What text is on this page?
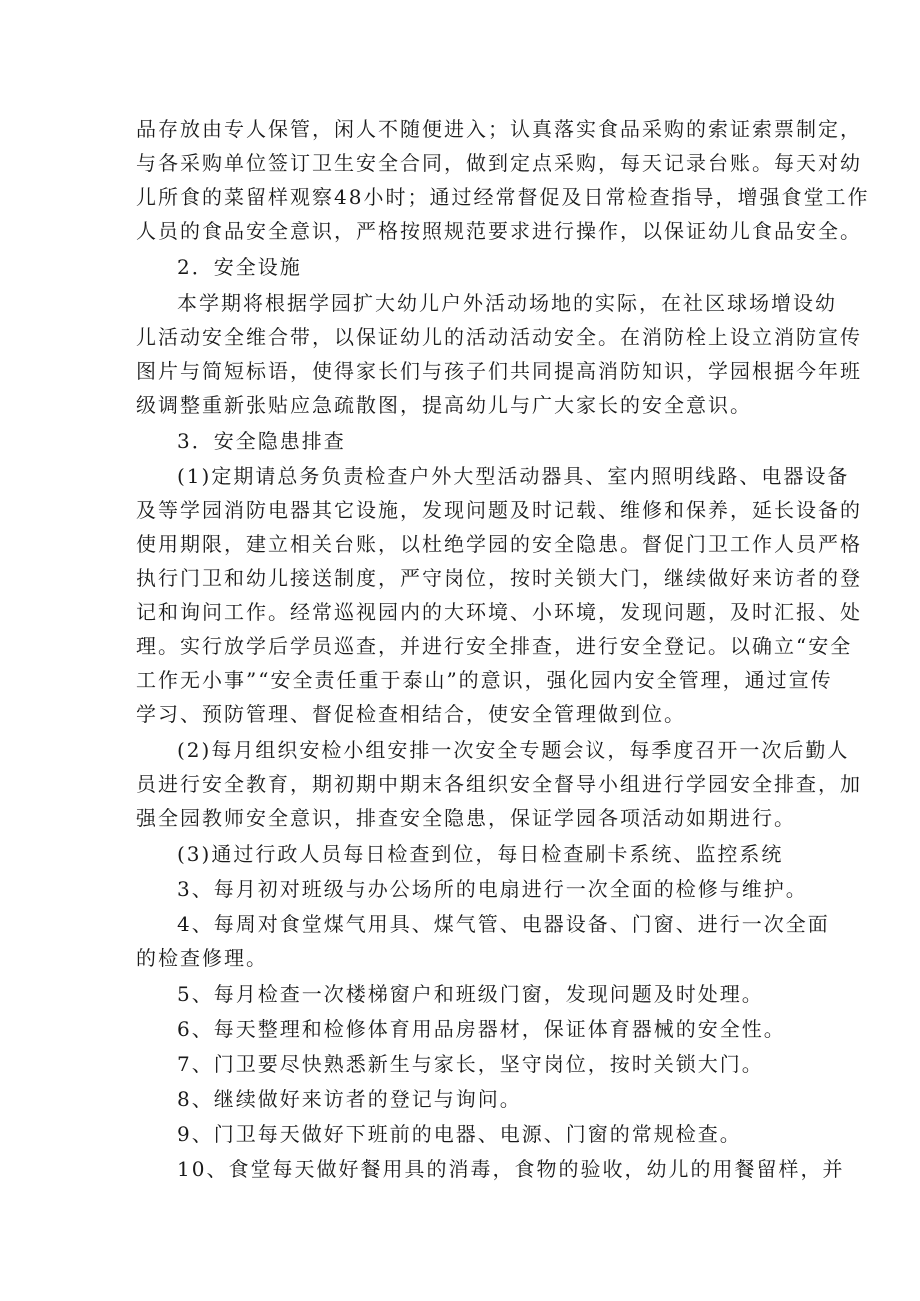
品存放由专人保管，闲人不随便进入；认真落实食品采购的索证索票制定，
与各采购单位签订卫生安全合同，做到定点采购，每天记录台账。每天对幼
儿所食的菜留样观察48小时；通过经常督促及日常检查指导，增强食堂工作
人员的食品安全意识，严格按照规范要求进行操作，以保证幼儿食品安全。
2．安全设施
本学期将根据学园扩大幼儿户外活动场地的实际，在社区球场增设幼
儿活动安全维合带，以保证幼儿的活动活动安全。在消防栓上设立消防宣传
图片与简短标语，使得家长们与孩子们共同提高消防知识，学园根据今年班
级调整重新张贴应急疏散图，提高幼儿与广大家长的安全意识。
3．安全隐患排查
(1)定期请总务负责检查户外大型活动器具、室内照明线路、电器设备
及等学园消防电器其它设施，发现问题及时记载、维修和保养，延长设备的
使用期限，建立相关台账，以杜绝学园的安全隐患。督促门卫工作人员严格
执行门卫和幼儿接送制度，严守岗位，按时关锁大门，继续做好来访者的登
记和询问工作。经常巡视园内的大环境、小环境，发现问题，及时汇报、处
理。实行放学后学员巡查，并进行安全排查，进行安全登记。以确立“安全
工作无小事”“安全责任重于泰山”的意识，强化园内安全管理，通过宣传
学习、预防管理、督促检查相结合，使安全管理做到位。
(2)每月组织安检小组安排一次安全专题会议，每季度召开一次后勤人
员进行安全教育，期初期中期末各组织安全督导小组进行学园安全排查，加
强全园教师安全意识，排查安全隐患，保证学园各项活动如期进行。
(3)通过行政人员每日检查到位，每日检查刷卡系统、监控系统
3、每月初对班级与办公场所的电扇进行一次全面的检修与维护。
4、每周对食堂煤气用具、煤气管、电器设备、门窗、进行一次全面
的检查修理。
5、每月检查一次楼梯窗户和班级门窗，发现问题及时处理。
6、每天整理和检修体育用品房器材，保证体育器械的安全性。
7、门卫要尽快熟悉新生与家长，坚守岗位，按时关锁大门。
8、继续做好来访者的登记与询问。
9、门卫每天做好下班前的电器、电源、门窗的常规检查。
10、食堂每天做好餐用具的消毒，食物的验收，幼儿的用餐留样，并
